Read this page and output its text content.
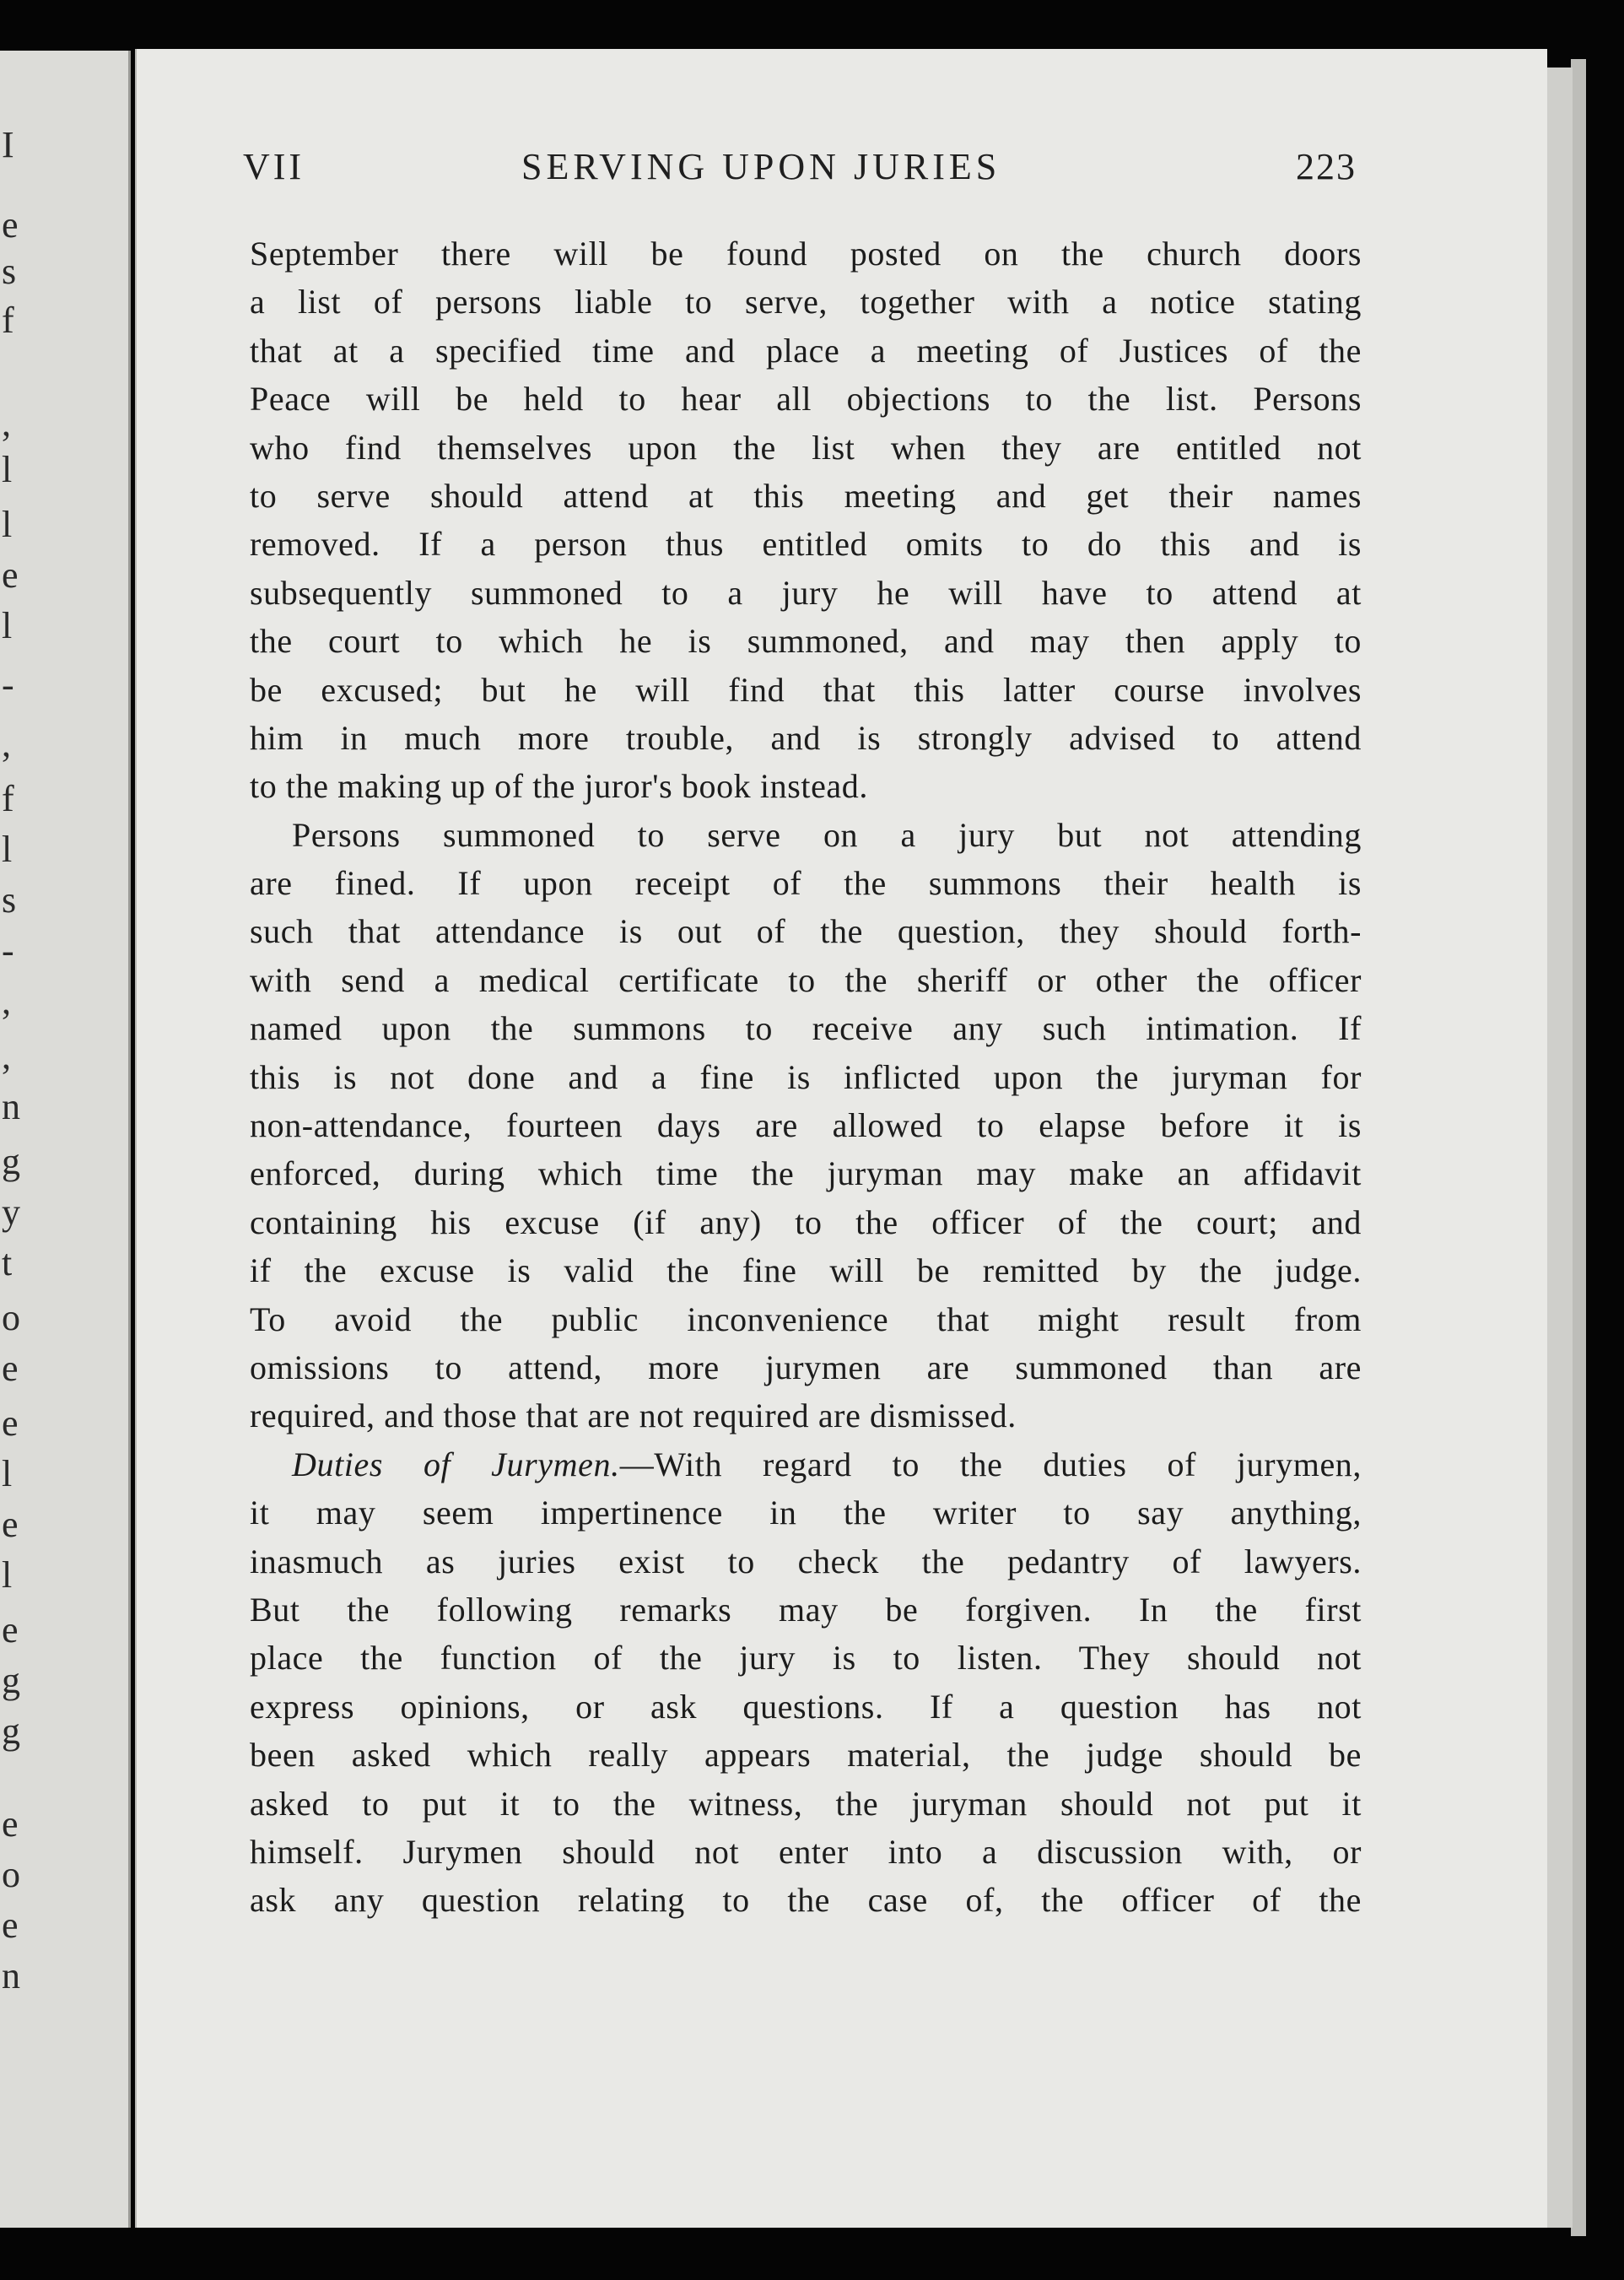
I
e
s
f
,
l
l
e
l
-
,
f
l
s
-
,
,
n
g
y
t
o
e
e
l
e
l
e
g
g
e
o
e
n
VII	SERVING UPON JURIES	223
September there will be found posted on the church doors
a list of persons liable to serve, together with a notice stating
that at a specified time and place a meeting of Justices of the
Peace will be held to hear all objections to the list. Persons
who find themselves upon the list when they are entitled not
to serve should attend at this meeting and get their names
removed. If a person thus entitled omits to do this and is
subsequently summoned to a jury he will have to attend at
the court to which he is summoned, and may then apply to
be excused; but he will find that this latter course involves
him in much more trouble, and is strongly advised to attend
to the making up of the juror's book instead.
Persons summoned to serve on a jury but not attending
are fined. If upon receipt of the summons their health is
such that attendance is out of the question, they should forth-
with send a medical certificate to the sheriff or other the officer
named upon the summons to receive any such intimation. If
this is not done and a fine is inflicted upon the juryman for
non-attendance, fourteen days are allowed to elapse before it is
enforced, during which time the juryman may make an affidavit
containing his excuse (if any) to the officer of the court; and
if the excuse is valid the fine will be remitted by the judge.
To avoid the public inconvenience that might result from
omissions to attend, more jurymen are summoned than are
required, and those that are not required are dismissed.
Duties of Jurymen.—With regard to the duties of jurymen,
it may seem impertinence in the writer to say anything,
inasmuch as juries exist to check the pedantry of lawyers.
But the following remarks may be forgiven. In the first
place the function of the jury is to listen. They should not
express opinions, or ask questions. If a question has not
been asked which really appears material, the judge should be
asked to put it to the witness, the juryman should not put it
himself. Jurymen should not enter into a discussion with, or
ask any question relating to the case of, the officer of the
